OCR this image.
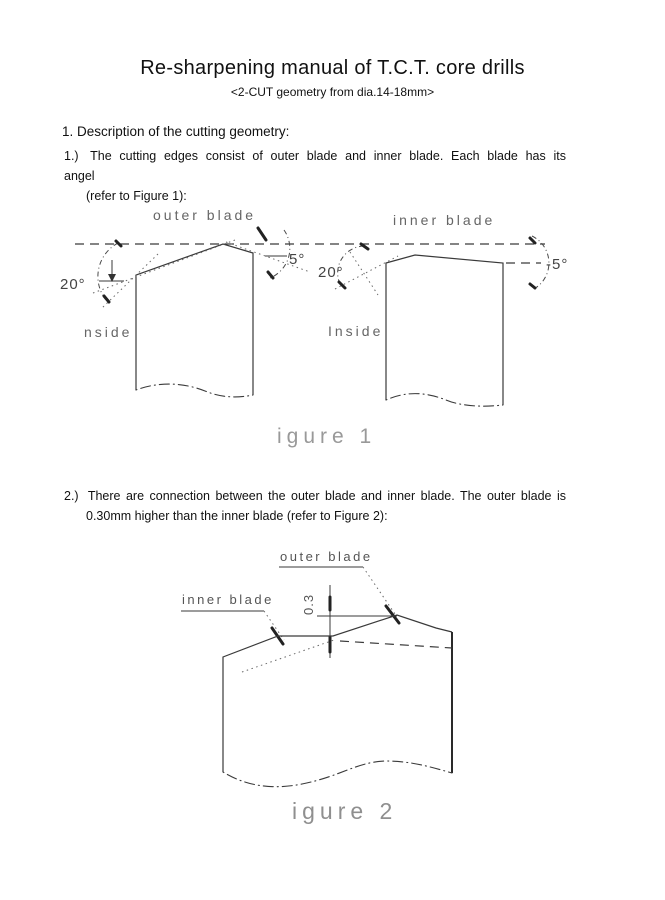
Re-sharpening manual of T.C.T. core drills
<2-CUT geometry from dia.14-18mm>
1. Description of the cutting geometry:
1.) The cutting edges consist of outer blade and inner blade. Each blade has its angel
(refer to Figure 1):
outer blade	inner blade
20°
5°
nside
20°	-5°
Inside
igure 1
2.) There are connection between the outer blade and inner blade. The outer blade is
0.30mm higher than the inner blade (refer to Figure 2):
outer blade
inner blade 0.3
igure 2
